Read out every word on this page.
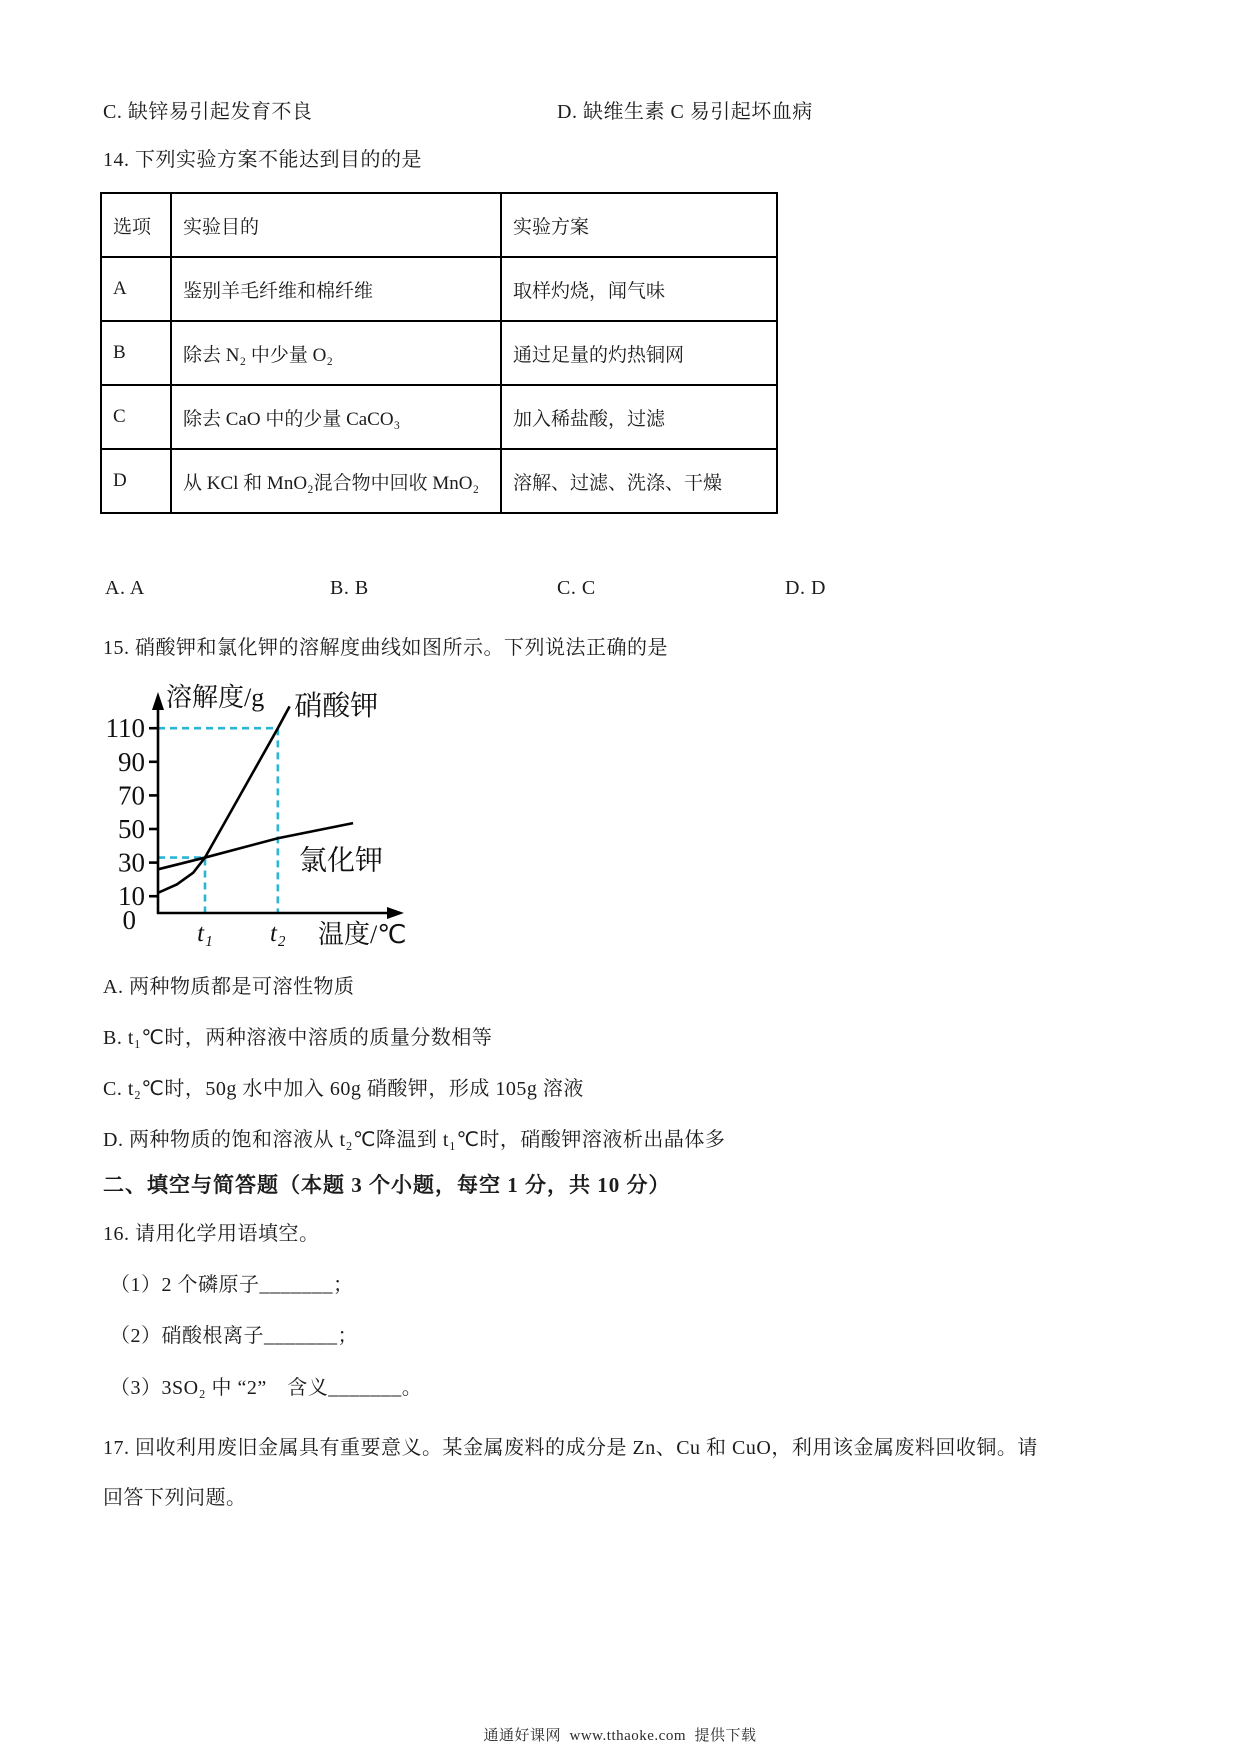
C. 缺锌易引起发育不良	D. 缺维生素 C 易引起坏血病
14. 下列实验方案不能达到目的的是
选项	实验目的	实验方案
A	鉴别羊毛纤维和棉纤维	取样灼烧，闻气味
B	除去 N₂ 中少量 O₂	通过足量的灼热铜网
C	除去 CaO 中的少量 CaCO₃	加入稀盐酸，过滤
D	从 KCl 和 MnO₂混合物中回收 MnO₂	溶解、过滤、洗涤、干燥
A. A	B. B	C. C	D. D
15. 硝酸钾和氯化钾的溶解度曲线如图所示。下列说法正确的是
10
30
50
70
90
110
0 t₁ t₂
溶解度/g
温度/℃
硝酸钾
氯化钾
A. 两种物质都是可溶性物质
B. t₁℃时，两种溶液中溶质的质量分数相等
C. t₂℃时，50g 水中加入 60g 硝酸钾，形成 105g 溶液
D. 两种物质的饱和溶液从 t₂℃降温到 t₁℃时，硝酸钾溶液析出晶体多
二、填空与简答题（本题 3 个小题，每空 1 分，共 10 分）
16. 请用化学用语填空。
（1）2 个磷原子_______；
（2）硝酸根离子_______；
（3）3SO₂ 中 “2”　含义_______。
17. 回收利用废旧金属具有重要意义。某金属废料的成分是 Zn、Cu 和 CuO，利用该金属废料回收铜。请
回答下列问题。
通通好课网  www.tthaoke.com  提供下载
